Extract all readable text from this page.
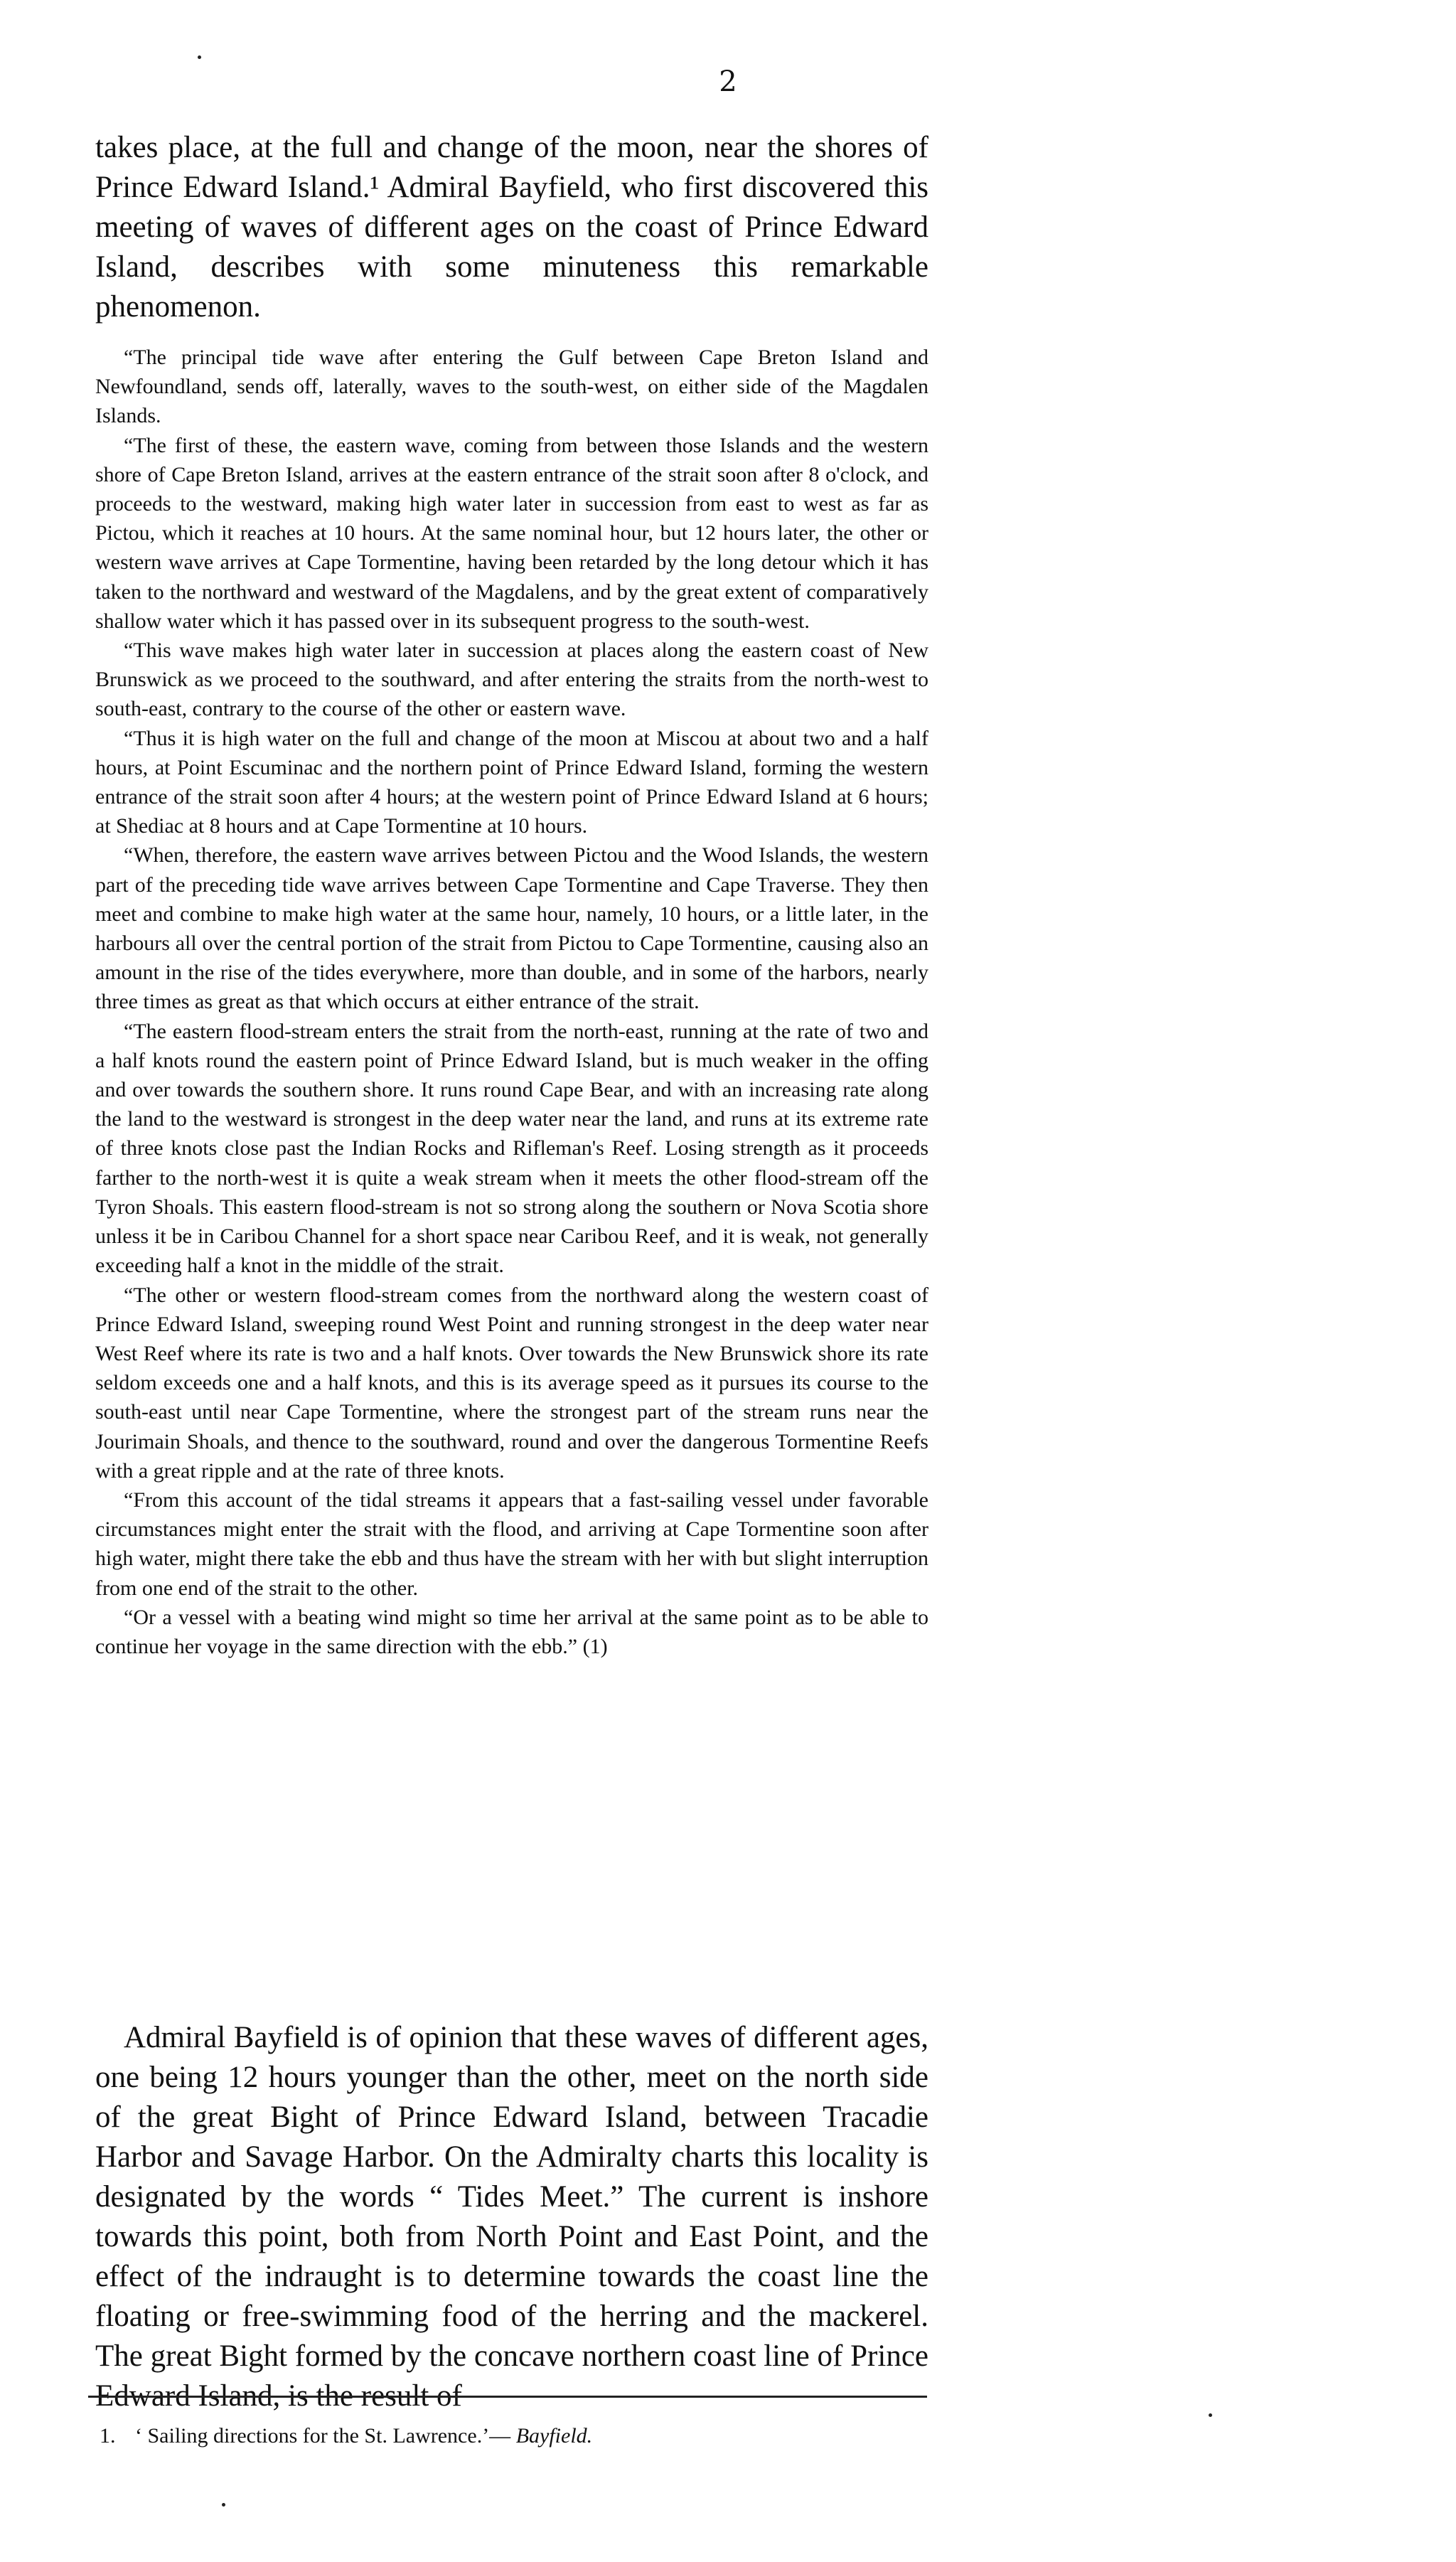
2

takes place, at the full and change of the moon, near the shores of Prince Edward Island.¹ Admiral Bayfield, who first discovered this meeting of waves of different ages on the coast of Prince Edward Island, describes with some minuteness this remarkable phenomenon.

“The principal tide wave after entering the Gulf between Cape Breton Island and Newfoundland, sends off, laterally, waves to the south-west, on either side of the Magdalen Islands.

“The first of these, the eastern wave, coming from between those Islands and the western shore of Cape Breton Island, arrives at the eastern entrance of the strait soon after 8 o'clock, and proceeds to the westward, making high water later in succession from east to west as far as Pictou, which it reaches at 10 hours. At the same nominal hour, but 12 hours later, the other or western wave arrives at Cape Tormentine, having been retarded by the long detour which it has taken to the northward and westward of the Magdalens, and by the great extent of comparatively shallow water which it has passed over in its subsequent progress to the south-west.

“This wave makes high water later in succession at places along the eastern coast of New Brunswick as we proceed to the southward, and after entering the straits from the north-west to south-east, contrary to the course of the other or eastern wave.

“Thus it is high water on the full and change of the moon at Miscou at about two and a half hours, at Point Escuminac and the northern point of Prince Edward Island, forming the western entrance of the strait soon after 4 hours; at the western point of Prince Edward Island at 6 hours; at Shediac at 8 hours and at Cape Tormentine at 10 hours.

“When, therefore, the eastern wave arrives between Pictou and the Wood Islands, the western part of the preceding tide wave arrives between Cape Tormentine and Cape Traverse. They then meet and combine to make high water at the same hour, namely, 10 hours, or a little later, in the harbours all over the central portion of the strait from Pictou to Cape Tormentine, causing also an amount in the rise of the tides everywhere, more than double, and in some of the harbors, nearly three times as great as that which occurs at either entrance of the strait.

“The eastern flood-stream enters the strait from the north-east, running at the rate of two and a half knots round the eastern point of Prince Edward Island, but is much weaker in the offing and over towards the southern shore. It runs round Cape Bear, and with an increasing rate along the land to the westward is strongest in the deep water near the land, and runs at its extreme rate of three knots close past the Indian Rocks and Rifleman's Reef. Losing strength as it proceeds farther to the north-west it is quite a weak stream when it meets the other flood-stream off the Tyron Shoals. This eastern flood-stream is not so strong along the southern or Nova Scotia shore unless it be in Caribou Channel for a short space near Caribou Reef, and it is weak, not generally exceeding half a knot in the middle of the strait.

“The other or western flood-stream comes from the northward along the western coast of Prince Edward Island, sweeping round West Point and running strongest in the deep water near West Reef where its rate is two and a half knots. Over towards the New Brunswick shore its rate seldom exceeds one and a half knots, and this is its average speed as it pursues its course to the south-east until near Cape Tormentine, where the strongest part of the stream runs near the Jourimain Shoals, and thence to the southward, round and over the dangerous Tormentine Reefs with a great ripple and at the rate of three knots.

“From this account of the tidal streams it appears that a fast-sailing vessel under favorable circumstances might enter the strait with the flood, and arriving at Cape Tormentine soon after high water, might there take the ebb and thus have the stream with her with but slight interruption from one end of the strait to the other.

“Or a vessel with a beating wind might so time her arrival at the same point as to be able to continue her voyage in the same direction with the ebb.” (1)

Admiral Bayfield is of opinion that these waves of different ages, one being 12 hours younger than the other, meet on the north side of the great Bight of Prince Edward Island, between Tracadie Harbor and Savage Harbor. On the Admiralty charts this locality is designated by the words “ Tides Meet.” The current is inshore towards this point, both from North Point and East Point, and the effect of the indraught is to determine towards the coast line the floating or free-swimming food of the herring and the mackerel. The great Bight formed by the concave northern coast line of Prince Edward Island, is the result of

1. ‘ Sailing directions for the St. Lawrence.’— Bayfield.
